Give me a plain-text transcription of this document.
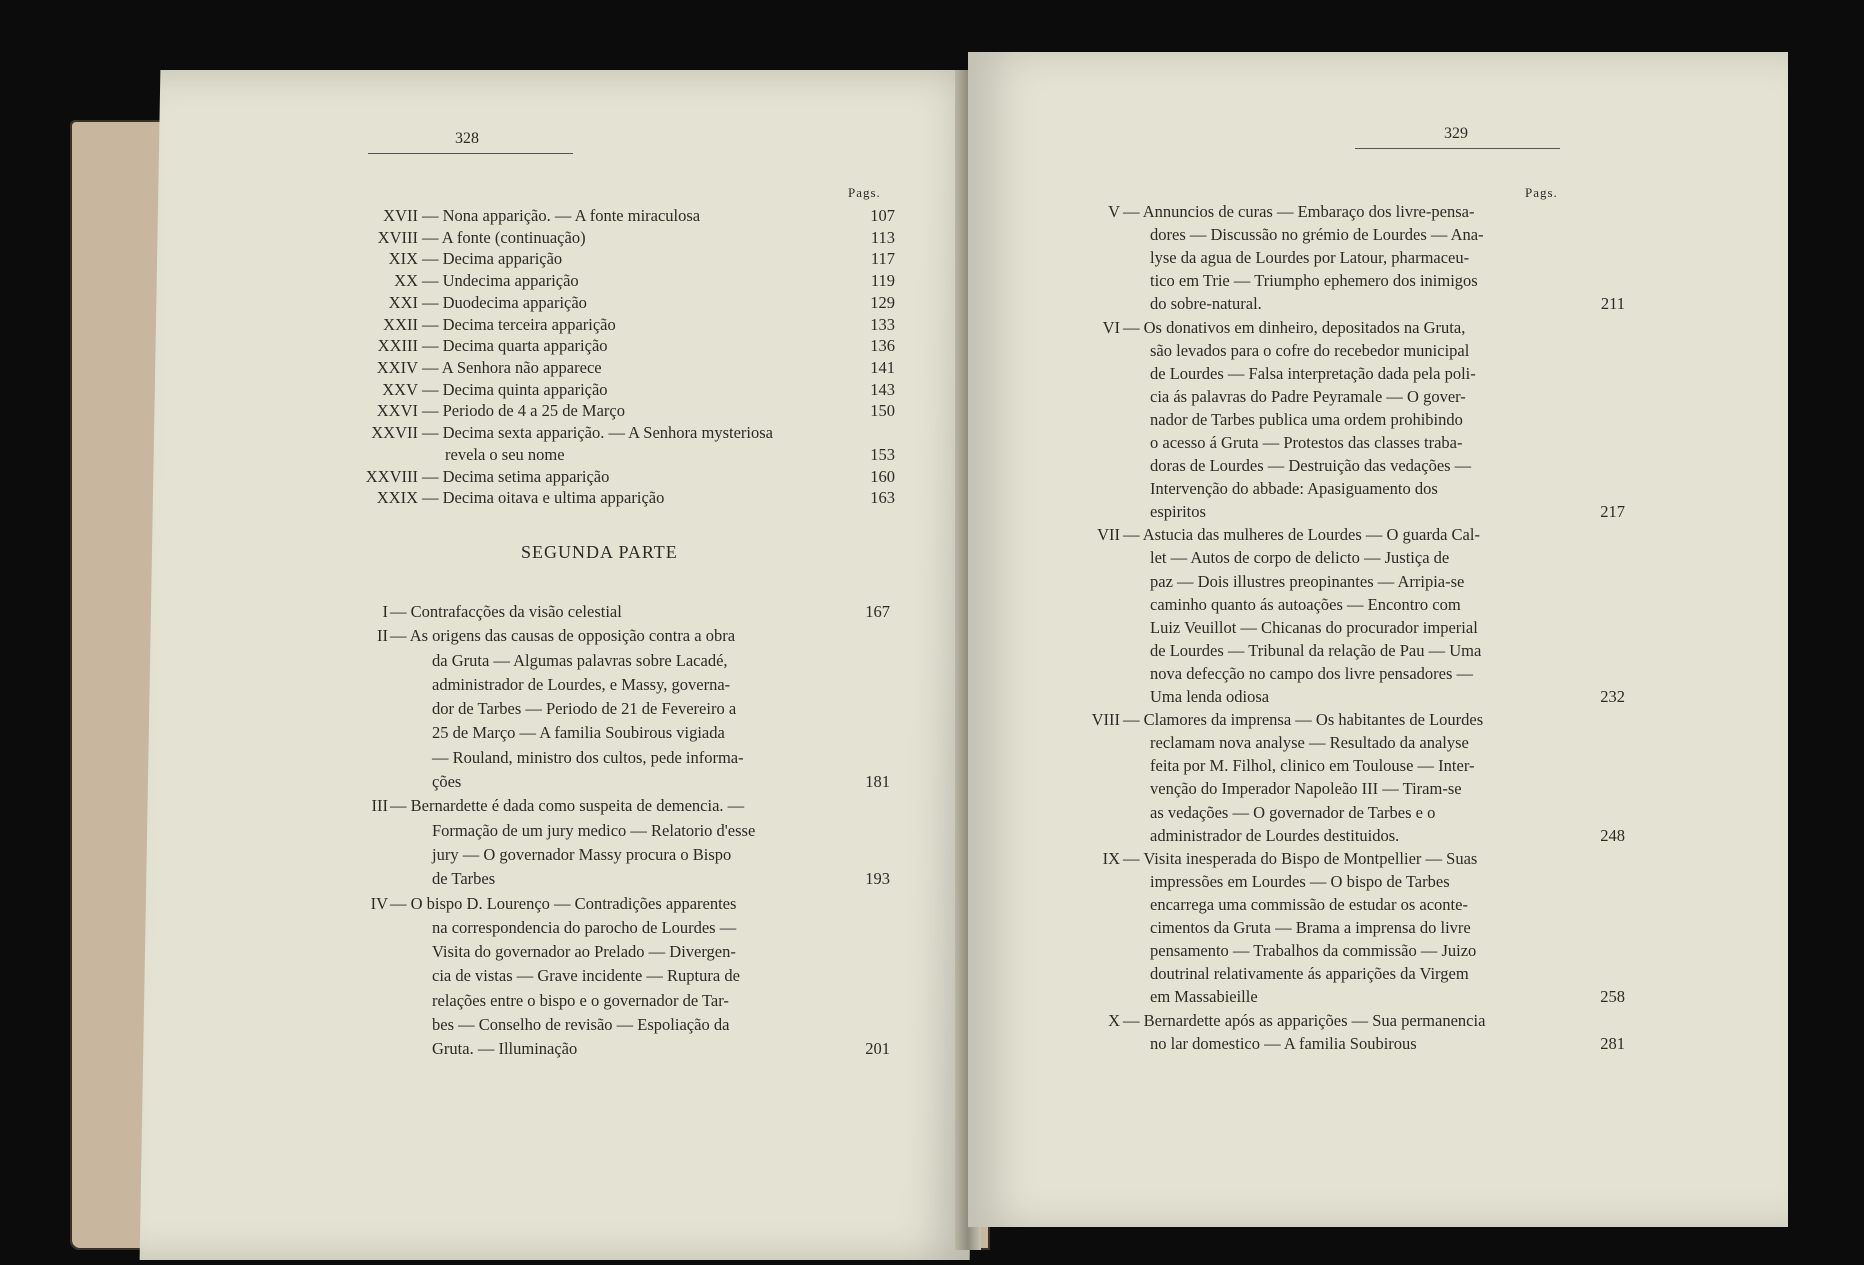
328
Pags.
XVII — Nona apparição. — A fonte miraculosa	107
XVIII — A fonte (continuação)	113
XIX — Decima apparição	117
XX — Undecima apparição	119
XXI — Duodecima apparição	129
XXII — Decima terceira apparição	133
XXIII — Decima quarta apparição	136
XXIV — A Senhora não apparece	141
XXV — Decima quinta apparição	143
XXVI — Periodo de 4 a 25 de Março	150
XXVII — Decima sexta apparição. — A Senhora mysteriosa
revela o seu nome	153
XXVIII — Decima setima apparição	160
XXIX — Decima oitava e ultima apparição	163
SEGUNDA PARTE
I — Contrafacções da visão celestial	167
II — As origens das causas de opposição contra a obra
da Gruta — Algumas palavras sobre Lacadé,
administrador de Lourdes, e Massy, governa-
dor de Tarbes — Periodo de 21 de Fevereiro a
25 de Março — A familia Soubirous vigiada
— Rouland, ministro dos cultos, pede informa-
ções	181
III — Bernardette é dada como suspeita de demencia. —
Formação de um jury medico — Relatorio d'esse
jury — O governador Massy procura o Bispo
de Tarbes	193
IV — O bispo D. Lourenço — Contradições apparentes
na correspondencia do parocho de Lourdes —
Visita do governador ao Prelado — Divergen-
cia de vistas — Grave incidente — Ruptura de
relações entre o bispo e o governador de Tar-
bes — Conselho de revisão — Espoliação da
Gruta. — Illuminação	201
329
Pags.
V — Annuncios de curas — Embaraço dos livre-pensa-
dores — Discussão no grémio de Lourdes — Ana-
lyse da agua de Lourdes por Latour, pharmaceu-
tico em Trie — Triumpho ephemero dos inimigos
do sobre-natural.	211
VI — Os donativos em dinheiro, depositados na Gruta,
são levados para o cofre do recebedor municipal
de Lourdes — Falsa interpretação dada pela poli-
cia ás palavras do Padre Peyramale — O gover-
nador de Tarbes publica uma ordem prohibindo
o acesso á Gruta — Protestos das classes traba-
doras de Lourdes — Destruição das vedações —
Intervenção do abbade: Apasiguamento dos
espiritos	217
VII — Astucia das mulheres de Lourdes — O guarda Cal-
let — Autos de corpo de delicto — Justiça de
paz — Dois illustres preopinantes — Arripia-se
caminho quanto ás autoações — Encontro com
Luiz Veuillot — Chicanas do procurador imperial
de Lourdes — Tribunal da relação de Pau — Uma
nova defecção no campo dos livre pensadores —
Uma lenda odiosa	232
VIII — Clamores da imprensa — Os habitantes de Lourdes
reclamam nova analyse — Resultado da analyse
feita por M. Filhol, clinico em Toulouse — Inter-
venção do Imperador Napoleão III — Tiram-se
as vedações — O governador de Tarbes e o
administrador de Lourdes destituidos.	248
IX — Visita inesperada do Bispo de Montpellier — Suas
impressões em Lourdes — O bispo de Tarbes
encarrega uma commissão de estudar os aconte-
cimentos da Gruta — Brama a imprensa do livre
pensamento — Trabalhos da commissão — Juizo
doutrinal relativamente ás apparições da Virgem
em Massabieille	258
X — Bernardette após as apparições — Sua permanencia
no lar domestico — A familia Soubirous	281
